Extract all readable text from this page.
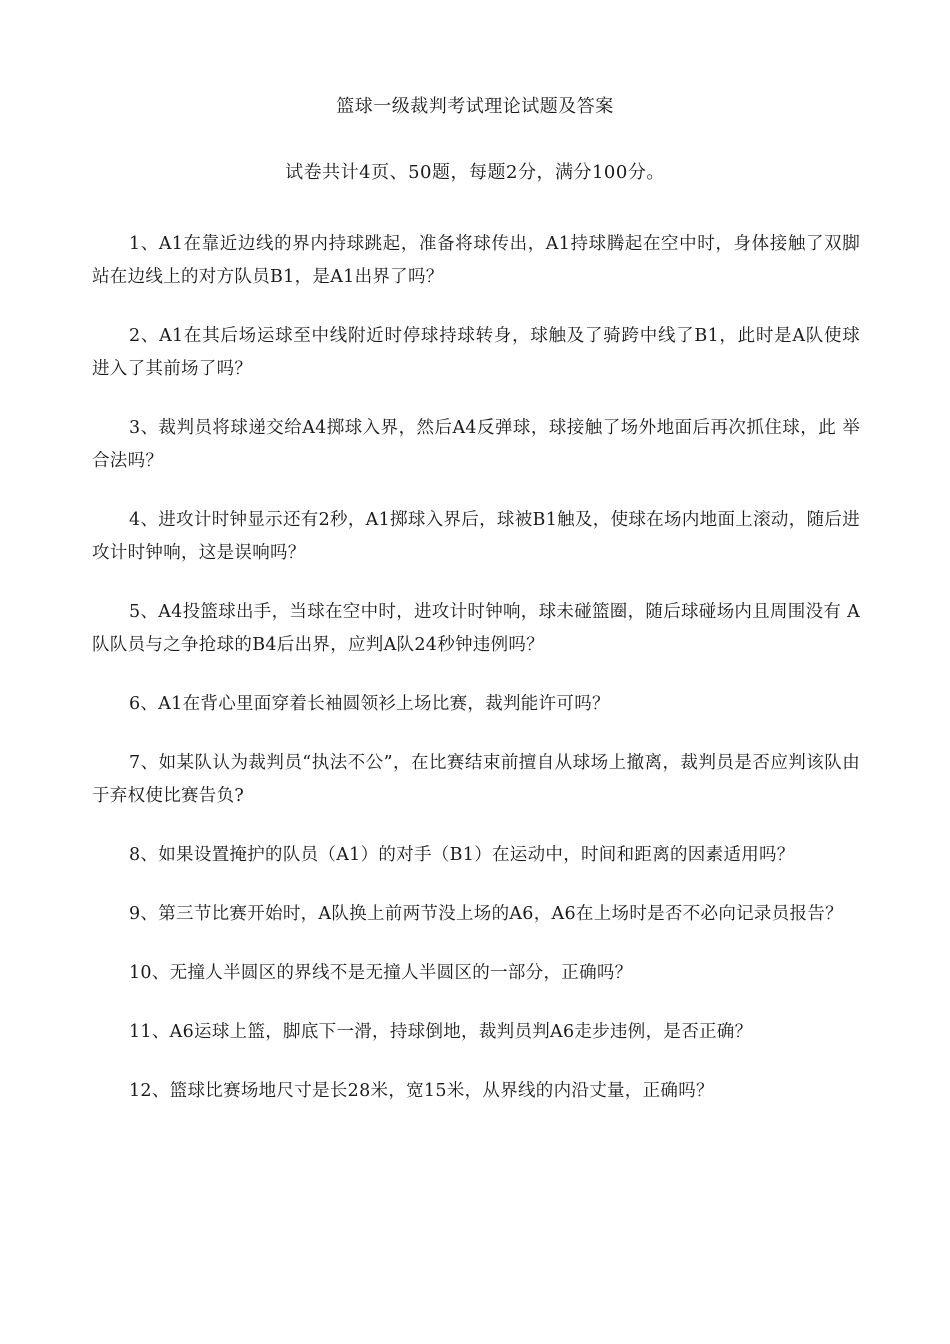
篮球一级裁判考试理论试题及答案
试卷共计4页、50题，每题2分，满分100分。

1、A1在靠近边线的界内持球跳起，准备将球传出，A1持球腾起在空中时，身体接触了双脚站在边线上的对方队员B1，是A1出界了吗？

2、A1在其后场运球至中线附近时停球持球转身，球触及了骑跨中线了B1，此时是A队使球进入了其前场了吗？

3、裁判员将球递交给A4掷球入界，然后A4反弹球，球接触了场外地面后再次抓住球，此 举合法吗？

4、进攻计时钟显示还有2秒，A1掷球入界后，球被B1触及，使球在场内地面上滚动，随后进攻计时钟响，这是误响吗？

5、A4投篮球出手，当球在空中时，进攻计时钟响，球未碰篮圈，随后球碰场内且周围没有 A队队员与之争抢球的B4后出界，应判A队24秒钟违例吗？

6、A1在背心里面穿着长袖圆领衫上场比赛，裁判能许可吗？

7、如某队认为裁判员“执法不公”，在比赛结束前擅自从球场上撤离，裁判员是否应判该队由于弃权使比赛告负?

8、如果设置掩护的队员（A1）的对手（B1）在运动中，时间和距离的因素适用吗？

9、第三节比赛开始时，A队换上前两节没上场的A6，A6在上场时是否不必向记录员报告？

10、无撞人半圆区的界线不是无撞人半圆区的一部分，正确吗？

11、A6运球上篮，脚底下一滑，持球倒地，裁判员判A6走步违例，是否正确？

12、篮球比赛场地尺寸是长28米，宽15米，从界线的内沿丈量，正确吗？
